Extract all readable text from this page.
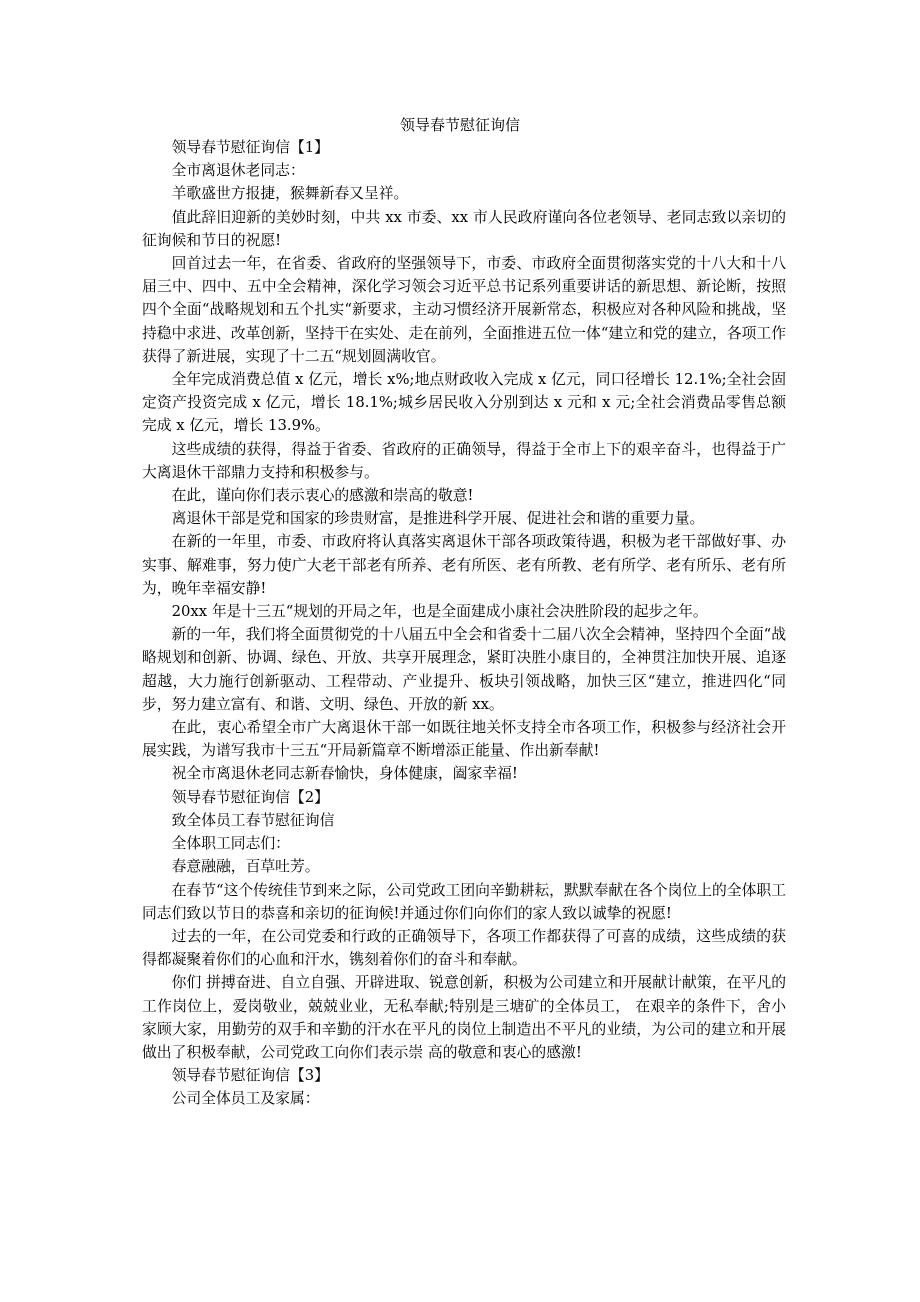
领导春节慰征询信

领导春节慰征询信【1】

全市离退休老同志：

羊歌盛世方报捷，猴舞新春又呈祥。

值此辞旧迎新的美妙时刻，中共 xx 市委、xx 市人民政府谨向各位老领导、老同志致以亲切的征询候和节日的祝愿!

回首过去一年，在省委、省政府的坚强领导下，市委、市政府全面贯彻落实党的十八大和十八届三中、四中、五中全会精神，深化学习领会习近平总书记系列重要讲话的新思想、新论断，按照四个全面“战略规划和五个扎实“新要求，主动习惯经济开展新常态，积极应对各种风险和挑战，坚持稳中求进、改革创新，坚持干在实处、走在前列，全面推进五位一体“建立和党的建立，各项工作获得了新进展，实现了十二五“规划圆满收官。

全年完成消费总值 x 亿元，增长 x%;地点财政收入完成 x 亿元，同口径增长 12.1%;全社会固定资产投资完成 x 亿元，增长 18.1%;城乡居民收入分别到达 x 元和 x 元;全社会消费品零售总额完成 x 亿元，增长 13.9%。

这些成绩的获得，得益于省委、省政府的正确领导，得益于全市上下的艰辛奋斗，也得益于广大离退休干部鼎力支持和积极参与。

在此，谨向你们表示衷心的感激和崇高的敬意!

离退休干部是党和国家的珍贵财富，是推进科学开展、促进社会和谐的重要力量。

在新的一年里，市委、市政府将认真落实离退休干部各项政策待遇，积极为老干部做好事、办实事、解难事，努力使广大老干部老有所养、老有所医、老有所教、老有所学、老有所乐、老有所为，晚年幸福安静!

20xx 年是十三五“规划的开局之年，也是全面建成小康社会决胜阶段的起步之年。

新的一年，我们将全面贯彻党的十八届五中全会和省委十二届八次全会精神，坚持四个全面“战略规划和创新、协调、绿色、开放、共享开展理念，紧盯决胜小康目的，全神贯注加快开展、追逐超越，大力施行创新驱动、工程带动、产业提升、板块引领战略，加快三区“建立，推进四化“同步，努力建立富有、和谐、文明、绿色、开放的新 xx。

在此，衷心希望全市广大离退休干部一如既往地关怀支持全市各项工作，积极参与经济社会开展实践，为谱写我市十三五“开局新篇章不断增添正能量、作出新奉献!

祝全市离退休老同志新春愉快，身体健康，阖家幸福!

领导春节慰征询信【2】

致全体员工春节慰征询信

全体职工同志们：

春意融融，百草吐芳。

在春节“这个传统佳节到来之际，公司党政工团向辛勤耕耘，默默奉献在各个岗位上的全体职工同志们致以节日的恭喜和亲切的征询候!并通过你们向你们的家人致以诚挚的祝愿!

过去的一年，在公司党委和行政的正确领导下，各项工作都获得了可喜的成绩，这些成绩的获得都凝聚着你们的心血和汗水，镌刻着你们的奋斗和奉献。

你们 拼搏奋进、自立自强、开辟进取、锐意创新，积极为公司建立和开展献计献策，在平凡的工作岗位上，爱岗敬业，兢兢业业，无私奉献;特别是三塘矿的全体员工， 在艰辛的条件下，舍小家顾大家，用勤劳的双手和辛勤的汗水在平凡的岗位上制造出不平凡的业绩，为公司的建立和开展做出了积极奉献，公司党政工向你们表示崇 高的敬意和衷心的感激!

领导春节慰征询信【3】

公司全体员工及家属：
